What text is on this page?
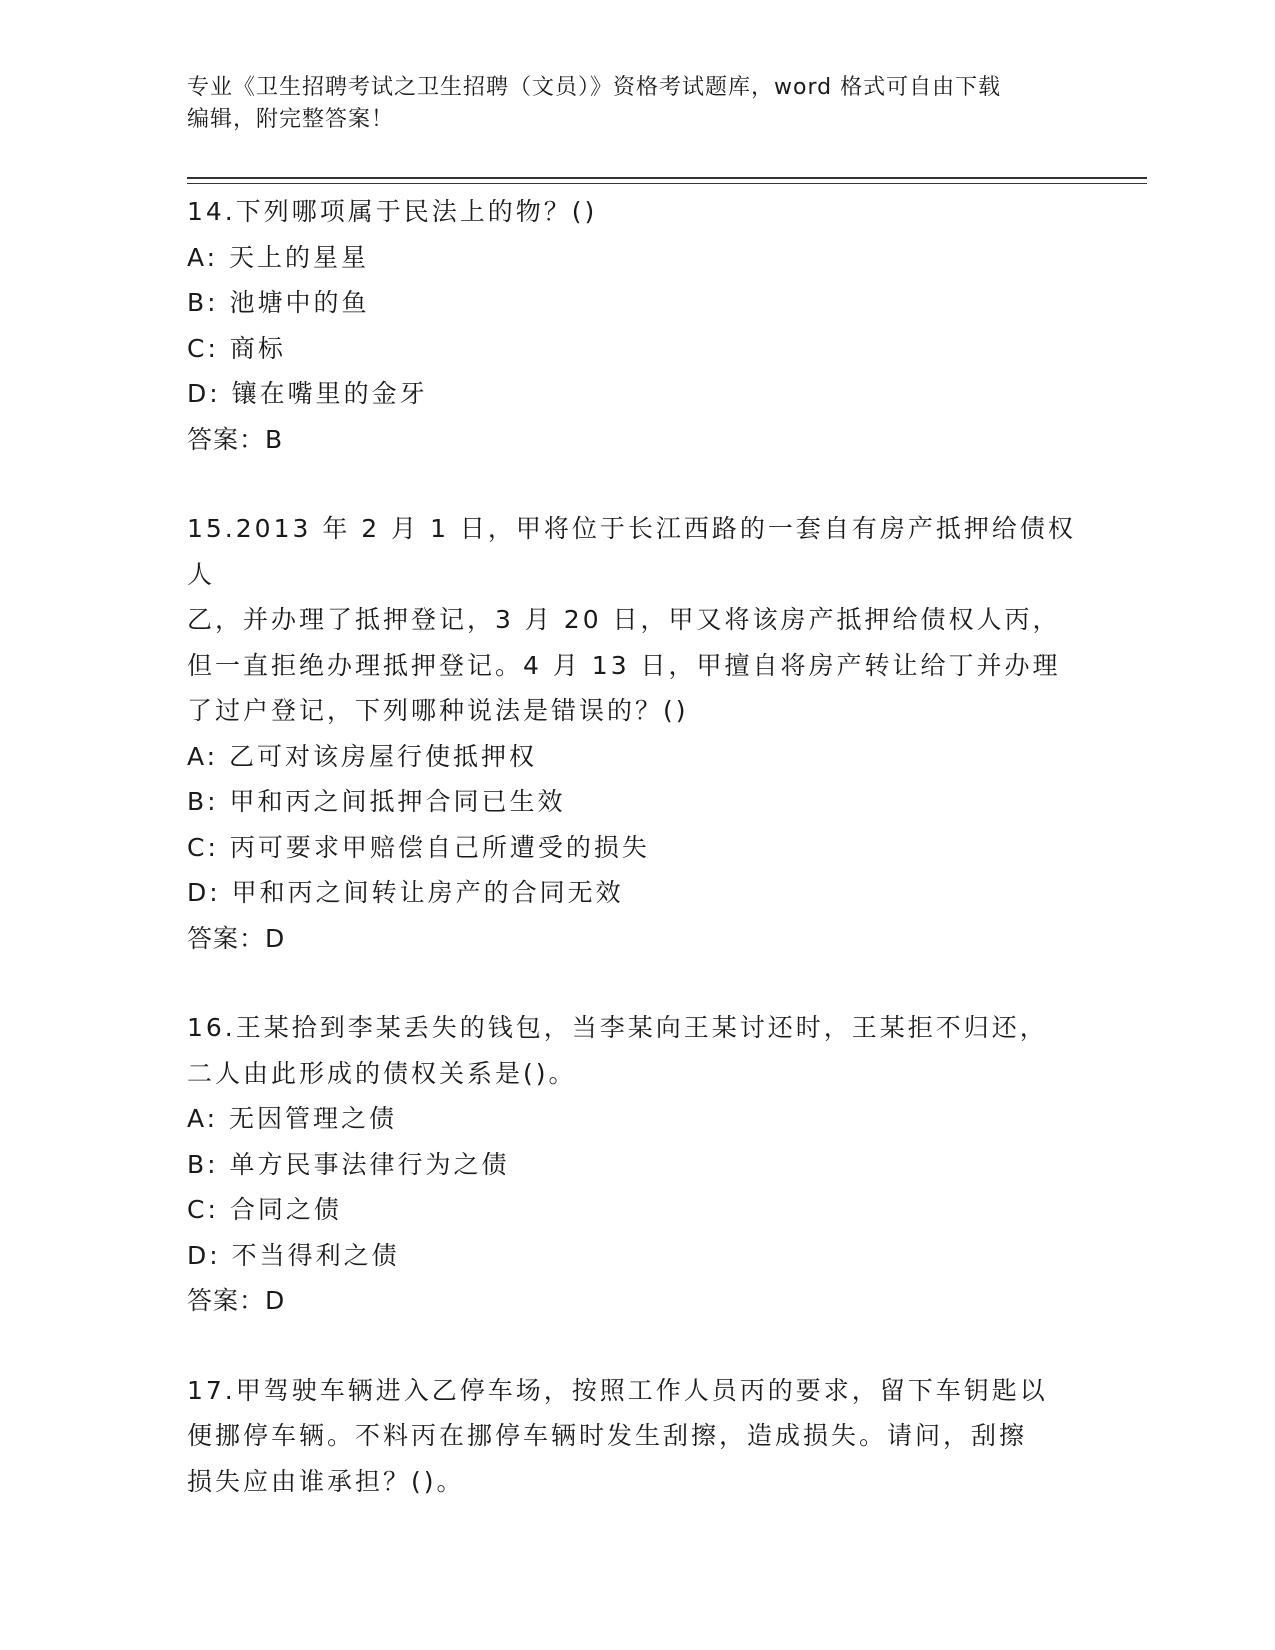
专业《卫生招聘考试之卫生招聘（文员）》资格考试题库，word 格式可自由下载
编辑，附完整答案！
14.下列哪项属于民法上的物？()
A: 天上的星星
B: 池塘中的鱼
C: 商标
D: 镶在嘴里的金牙
答案：B
15.2013 年 2 月 1 日，甲将位于长江西路的一套自有房产抵押给债权人
乙，并办理了抵押登记，3 月 20 日，甲又将该房产抵押给债权人丙，
但一直拒绝办理抵押登记。4 月 13 日，甲擅自将房产转让给丁并办理
了过户登记，下列哪种说法是错误的？()
A: 乙可对该房屋行使抵押权
B: 甲和丙之间抵押合同已生效
C: 丙可要求甲赔偿自己所遭受的损失
D: 甲和丙之间转让房产的合同无效
答案：D
16.王某拾到李某丢失的钱包，当李某向王某讨还时，王某拒不归还，
二人由此形成的债权关系是()。
A: 无因管理之债
B: 单方民事法律行为之债
C: 合同之债
D: 不当得利之债
答案：D
17.甲驾驶车辆进入乙停车场，按照工作人员丙的要求，留下车钥匙以
便挪停车辆。不料丙在挪停车辆时发生刮擦，造成损失。请问，刮擦
损失应由谁承担？()。
